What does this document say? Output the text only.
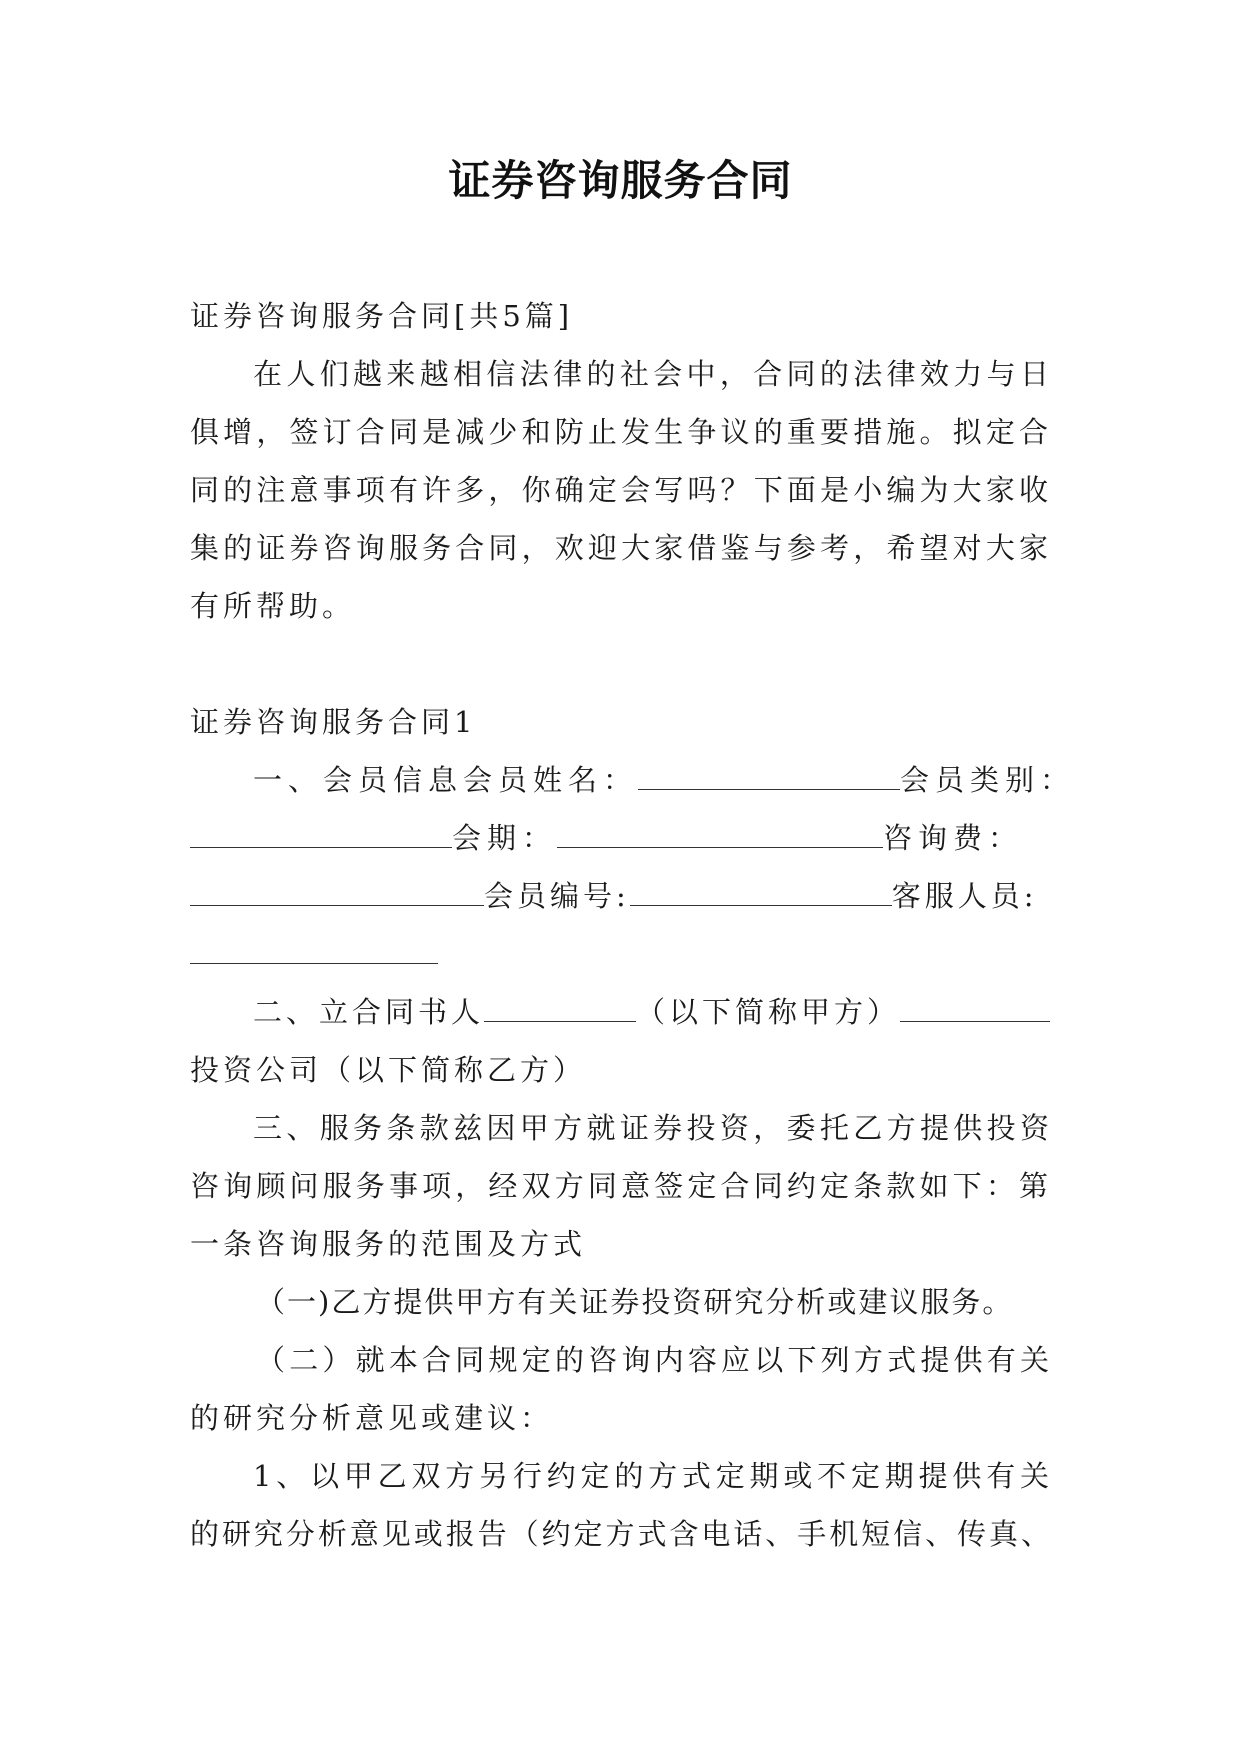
证券咨询服务合同
证券咨询服务合同[共5篇]
在人们越来越相信法律的社会中，合同的法律效力与日
俱增，签订合同是减少和防止发生争议的重要措施。拟定合
同的注意事项有许多，你确定会写吗？下面是小编为大家收
集的证券咨询服务合同，欢迎大家借鉴与参考，希望对大家
有所帮助。
证券咨询服务合同1
一、会员信息会员姓名：	会员类别：
会期：	咨询费：
会员编号:	客服人员:
二、立合同书人	（以下简称甲方）
投资公司（以下简称乙方）
三、服务条款兹因甲方就证券投资，委托乙方提供投资
咨询顾问服务事项，经双方同意签定合同约定条款如下：第
一条咨询服务的范围及方式
（一)乙方提供甲方有关证券投资研究分析或建议服务。
（二）就本合同规定的咨询内容应以下列方式提供有关
的研究分析意见或建议：
1、以甲乙双方另行约定的方式定期或不定期提供有关
的研究分析意见或报告（约定方式含电话、手机短信、传真、
